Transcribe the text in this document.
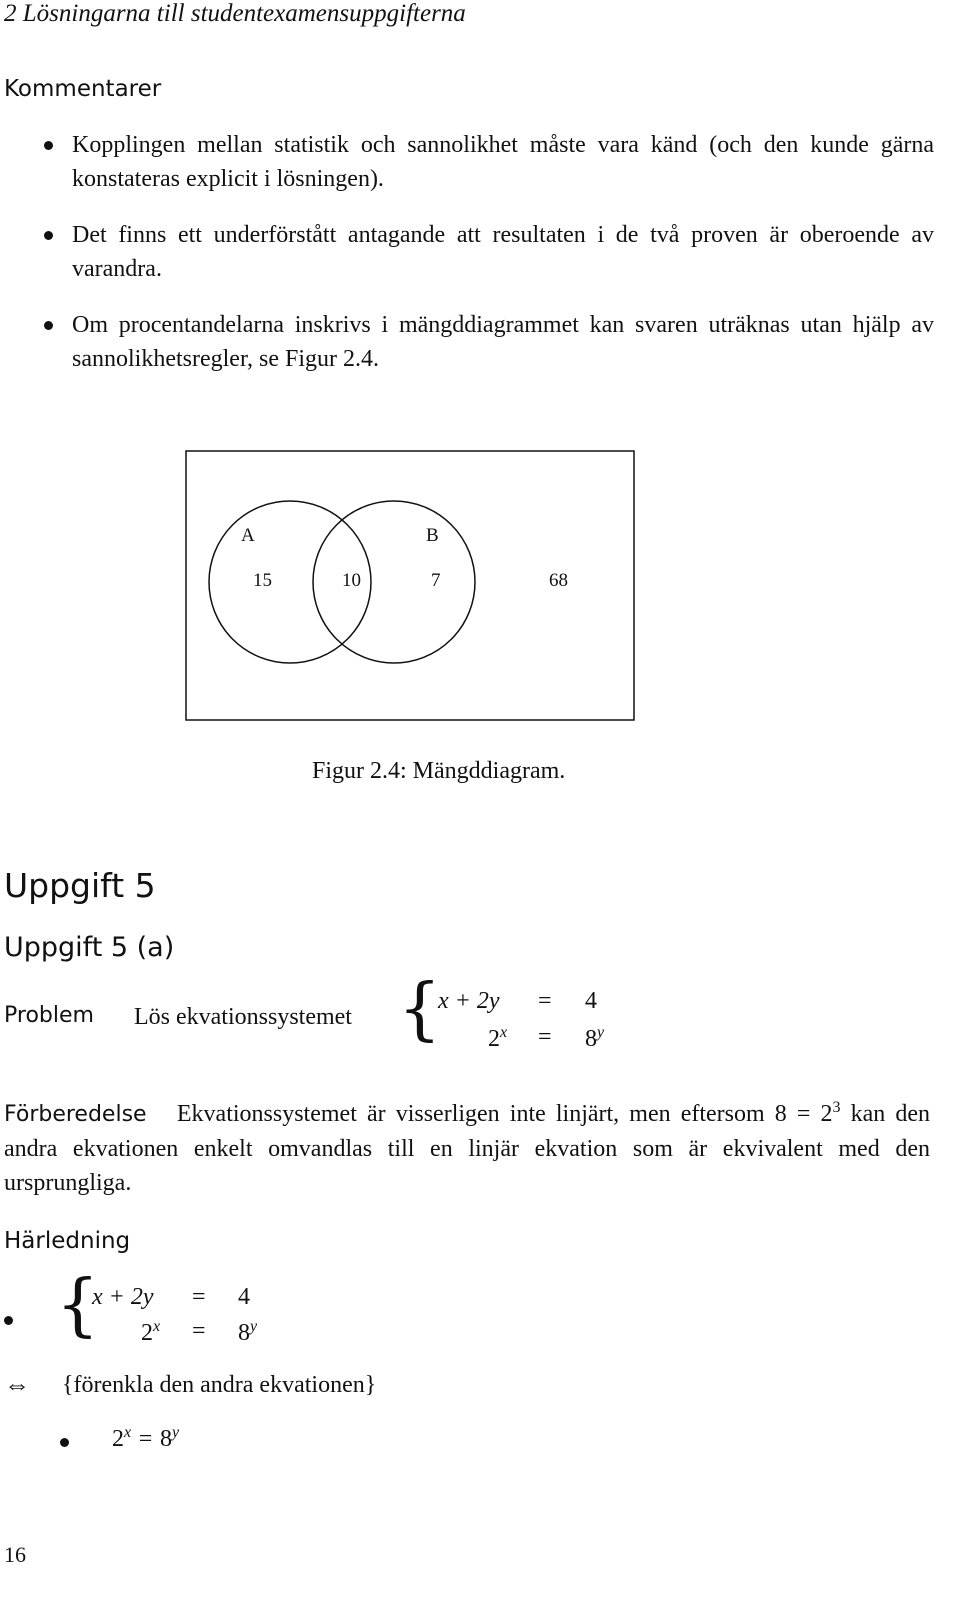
2 Lösningarna till studentexamensuppgifterna
Kommentarer
Kopplingen mellan statistik och sannolikhet måste vara känd (och den kunde gärna konstateras explicit i lösningen).
Det finns ett underförstått antagande att resultaten i de två proven är oberoende av varandra.
Om procentandelarna inskrivs i mängddiagrammet kan svaren uträknas utan hjälp av sannolikhetsregler, se Figur 2.4.
A	B
15	10	7	68
Figur 2.4: Mängddiagram.
Uppgift 5
Uppgift 5 (a)
Problem Lös ekvationssystemet {
x + 2y = 4
$2^x = 8^y$
Förberedelse Ekvationssystemet är visserligen inte linjärt, men eftersom $8 = 2^3$ kan den andra ekvationen enkelt omvandlas till en linjär ekvation som är ekvivalent med den ursprungliga.
Härledning
{
x + 2y = 4
$2^x = 8^y$
⇔ {förenkla den andra ekvationen}
$2^x = 8^y$
16
